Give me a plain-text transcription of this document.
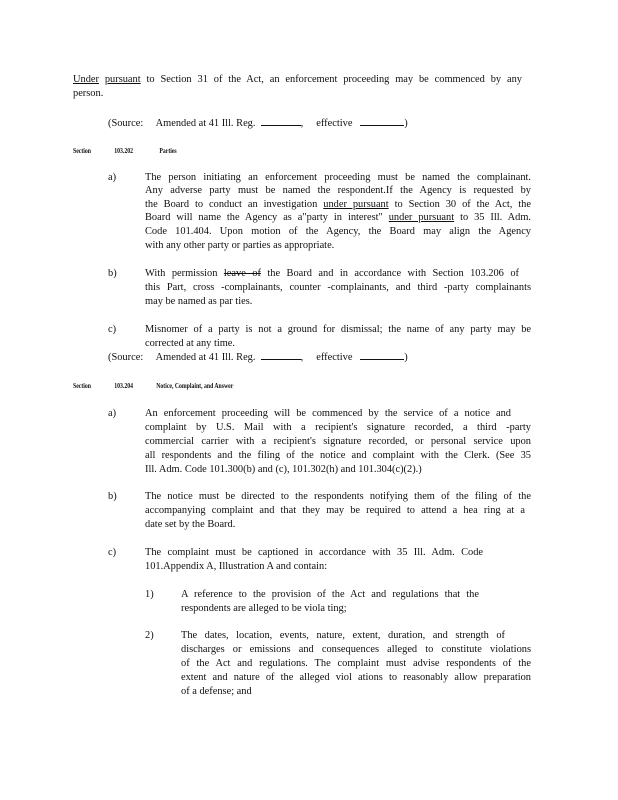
Under pursuant to Section 31 of the Act, an enforcement proceeding may be commenced by any
person.
(Source: Amended at 41 Ill. Reg.	, effective	)
Section	103.202	Parties
a)	The person initiating an enforcement proceeding must be named the complainant.
Any adverse party must be named the respondent.If the Agency is requested by
the Board to conduct an investigation under pursuant to Section 30 of the Act, the
Board will name the Agency as a"party in interest" under pursuant to 35 Ill. Adm.
Code 101.404. Upon motion of the Agency, the Board may align the Agency
with any other party or parties as appropriate.
b)	With permission leave of the Board and in accordance with Section 103.206 of
this Part, cross -complainants, counter -complainants, and third -party complainants
may be named as par ties.
c)	Misnomer of a party is not a ground for dismissal; the name of any party may be
corrected at any time.
(Source: Amended at 41 Ill. Reg.	, effective	)
Section	103.204	Notice, Complaint, and Answer
a)	An enforcement proceeding will be commenced by the service of a notice and
complaint by U.S. Mail with a recipient's signature recorded, a third -party
commercial carrier with a recipient's signature recorded, or personal service upon
all respondents and the filing of the notice and complaint with the Clerk. (See 35
Ill. Adm. Code 101.300(b) and (c), 101.302(h) and 101.304(c)(2).)
b)	The notice must be directed to the respondents notifying them of the filing of the
accompanying complaint and that they may be required to attend a hea ring at a
date set by the Board.
c)	The complaint must be captioned in accordance with 35 Ill. Adm. Code
101.Appendix A, Illustration A and contain:
1)	A reference to the provision of the Act and regulations that the
respondents are alleged to be viola ting;
2)	The dates, location, events, nature, extent, duration, and strength of
discharges or emissions and consequences alleged to constitute violations
of the Act and regulations. The complaint must advise respondents of the
extent and nature of the alleged viol ations to reasonably allow preparation
of a defense; and
